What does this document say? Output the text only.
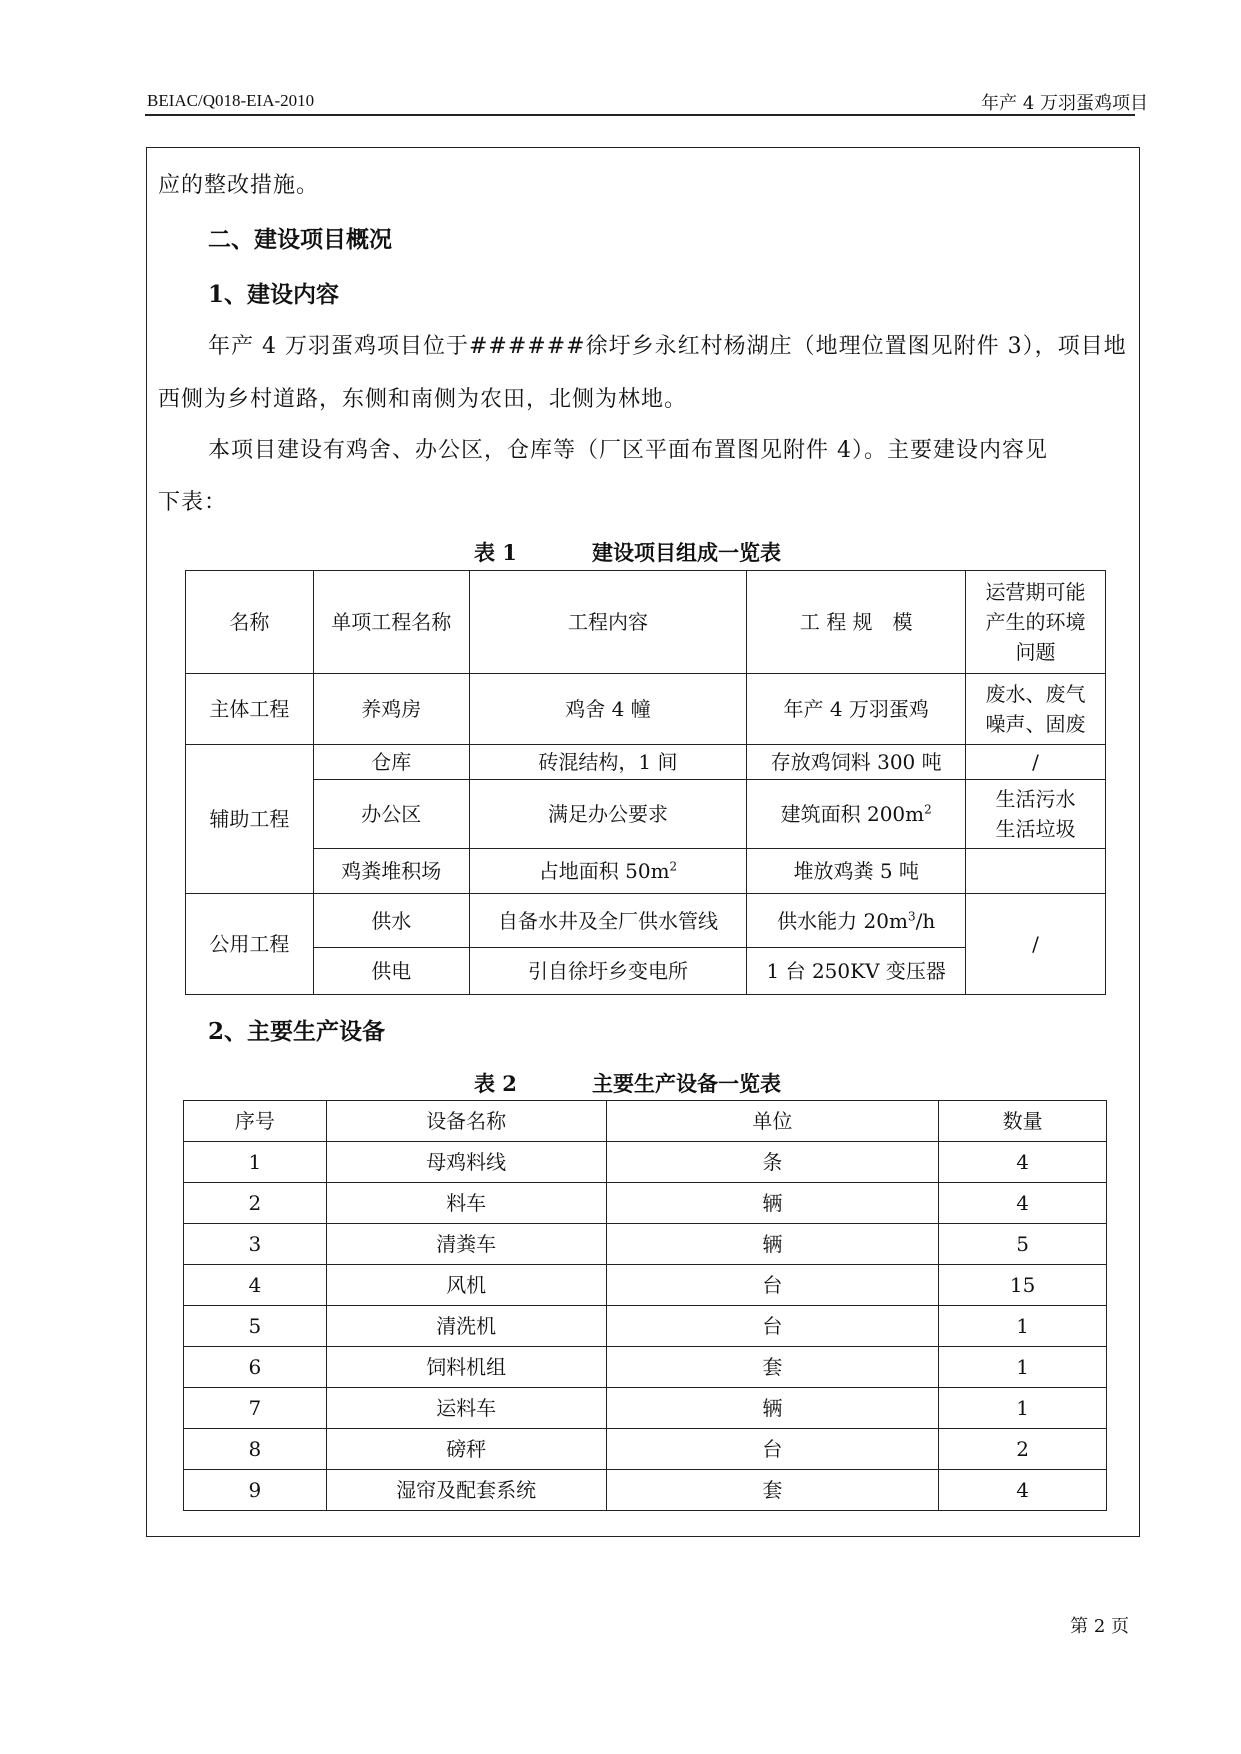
BEIAC/Q018-EIA-2010	年产 4 万羽蛋鸡项目
应的整改措施。
二、建设项目概况
1、建设内容
年产 4 万羽蛋鸡项目位于######徐圩乡永红村杨湖庄（地理位置图见附件 3），项目地
西侧为乡村道路，东侧和南侧为农田，北侧为林地。
本项目建设有鸡舍、办公区，仓库等（厂区平面布置图见附件 4）。主要建设内容见
下表：
表 1	建设项目组成一览表
名称	单项工程名称	工程内容	工 程 规　模	运营期可能产生的环境问题
主体工程	养鸡房	鸡舍 4 幢	年产 4 万羽蛋鸡	废水、废气
噪声、固废

辅助工程	仓库	砖混结构，1 间	存放鸡饲料 300 吨	/
	办公区	满足办公要求	建筑面积 $200m^2$	生活污水
生活垃圾

	鸡粪堆积场	占地面积 $50m^2$	堆放鸡粪 5 吨	
公用工程	供水	自备水井及全厂供水管线	供水能力 $20m^3/h$	/
	供电	引自徐圩乡变电所	1 台 250KV 变压器	
2、主要生产设备
表 2	主要生产设备一览表
序号	设备名称	单位	数量
1	母鸡料线	条	4
2	料车	辆	4
3	清粪车	辆	5
4	风机	台	15
5	清洗机	台	1
6	饲料机组	套	1
7	运料车	辆	1
8	磅秤	台	2
9	湿帘及配套系统	套	4
第 2 页
